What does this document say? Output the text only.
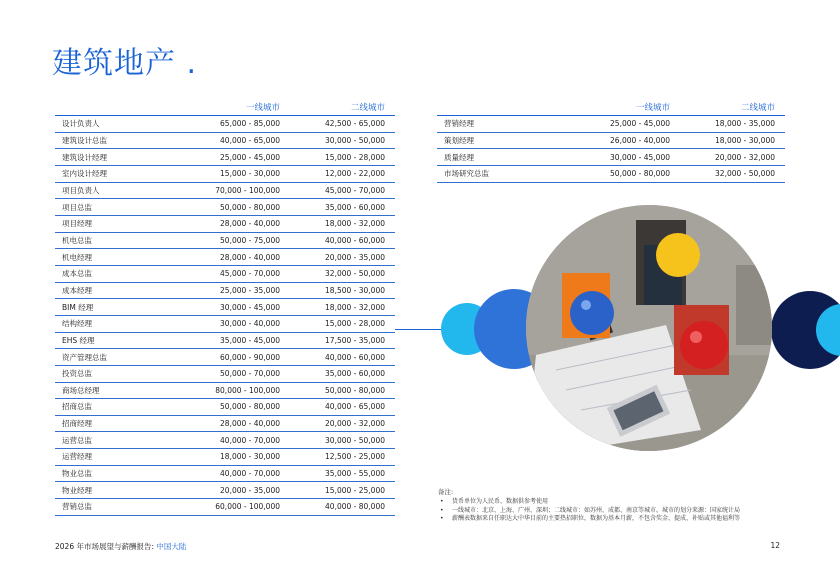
建筑地产 .
	一线城市	二线城市
设计负责人	65,000 - 85,000	42,500 - 65,000
建筑设计总监	40,000 - 65,000	30,000 - 50,000
建筑设计经理	25,000 - 45,000	15,000 - 28,000
室内设计经理	15,000 - 30,000	12,000 - 22,000
项目负责人	70,000 - 100,000	45,000 - 70,000
项目总监	50,000 - 80,000	35,000 - 60,000
项目经理	28,000 - 40,000	18,000 - 32,000
机电总监	50,000 - 75,000	40,000 - 60,000
机电经理	28,000 - 40,000	20,000 - 35,000
成本总监	45,000 - 70,000	32,000 - 50,000
成本经理	25,000 - 35,000	18,500 - 30,000
BIM 经理	30,000 - 45,000	18,000 - 32,000
结构经理	30,000 - 40,000	15,000 - 28,000
EHS 经理	35,000 - 45,000	17,500 - 35,000
资产管理总监	60,000 - 90,000	40,000 - 60,000
投资总监	50,000 - 70,000	35,000 - 60,000
商场总经理	80,000 - 100,000	50,000 - 80,000
招商总监	50,000 - 80,000	40,000 - 65,000
招商经理	28,000 - 40,000	20,000 - 32,000
运营总监	40,000 - 70,000	30,000 - 50,000
运营经理	18,000 - 30,000	12,500 - 25,000
物业总监	40,000 - 70,000	35,000 - 55,000
物业经理	20,000 - 35,000	15,000 - 25,000
营销总监	60,000 - 100,000	40,000 - 80,000
	一线城市	二线城市
营销经理	25,000 - 45,000	18,000 - 35,000
策划经理	26,000 - 40,000	18,000 - 30,000
质量经理	30,000 - 45,000	20,000 - 32,000
市场研究总监	50,000 - 80,000	32,000 - 50,000
备注:
• 货币单位为人民币，数据供参考使用
• 一线城市：北京、上海、广州、深圳；二线城市：如苏州、成都、南京等城市。城市的划分来源：国家统计局
• 薪酬表数据来自任职达大中华目前的主要热招职位，数据为基本月薪，不包含奖金、提成、补贴或其他福利等
2026 年市场展望与薪酬报告: 中国大陆	12
